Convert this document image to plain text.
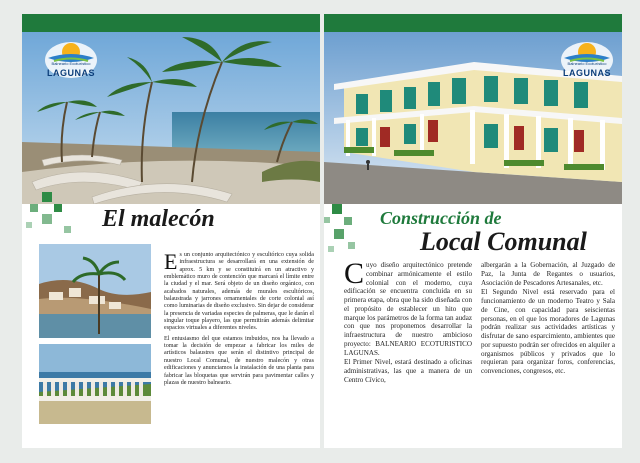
Balneario Ecoturístico
LAGUNAS
El malecón

Es un conjunto arquitectónico y escultórico cuya solida infraestructura se desarrollará en una extensión de aprox. 5 km y se constituirá en un atractivo y emblemático muro de contención que marcará el límite entre la ciudad y el mar. Será objeto de un diseño orgánico, con acabados naturales, además de murales escultóricos, balaustrada y jarrones ornamentales de corte colonial así como luminarias de diseño exclusivo. Sin dejar de considerar la presencia de variadas especies de palmeras, que le darán el singular toque playero, las que permitirán además delimitar espacios virtuales a diferentes niveles.

El entusiasmo del que estamos imbuidos, nos ha llevado a tomar la decisión de empezar a fabricar los miles de artísticos balaustres que serán el distintivo principal de nuestro Local Comunal, de nuestro malecón y otras edificaciones y anunciamos la instalación de una planta para fabricar las bloquetas que servirán para pavimentar calles y plazas de nuestro balneario.

Balneario Ecoturístico
LAGUNAS
Construcción de
Local Comunal

Cuyo diseño arquitectónico pretende combinar armónicamente el estilo colonial con el moderno, cuya edificación se encuentra concluida en su primera etapa, obra que ha sido diseñada con el propósito de establecer un hito que marque los parámetros de la forma tan audaz con que nos proponemos desarrollar la infraestructura de nuestro ambicioso proyecto: BALNEARIO ECOTURISTICO LAGUNAS.

El Primer Nivel, estará destinado a oficinas administrativas, las que a manera de un Centro Cívico,

albergarán a la Gobernación, al Juzgado de Paz, la Junta de Regantes o usuarios, Asociación de Pescadores Artesanales, etc.

El Segundo Nivel está reservado para el funcionamiento de un moderno Teatro y Sala de Cine, con capacidad para seiscientas personas, en el que los moradores de Lagunas podrán realizar sus actividades artísticas y disfrutar de sano esparcimiento, ambientes que por supuesto podrán ser ofrecidos en alquiler a organismos públicos y privados que lo requieran para organizar foros, conferencias, convenciones, congresos, etc.
